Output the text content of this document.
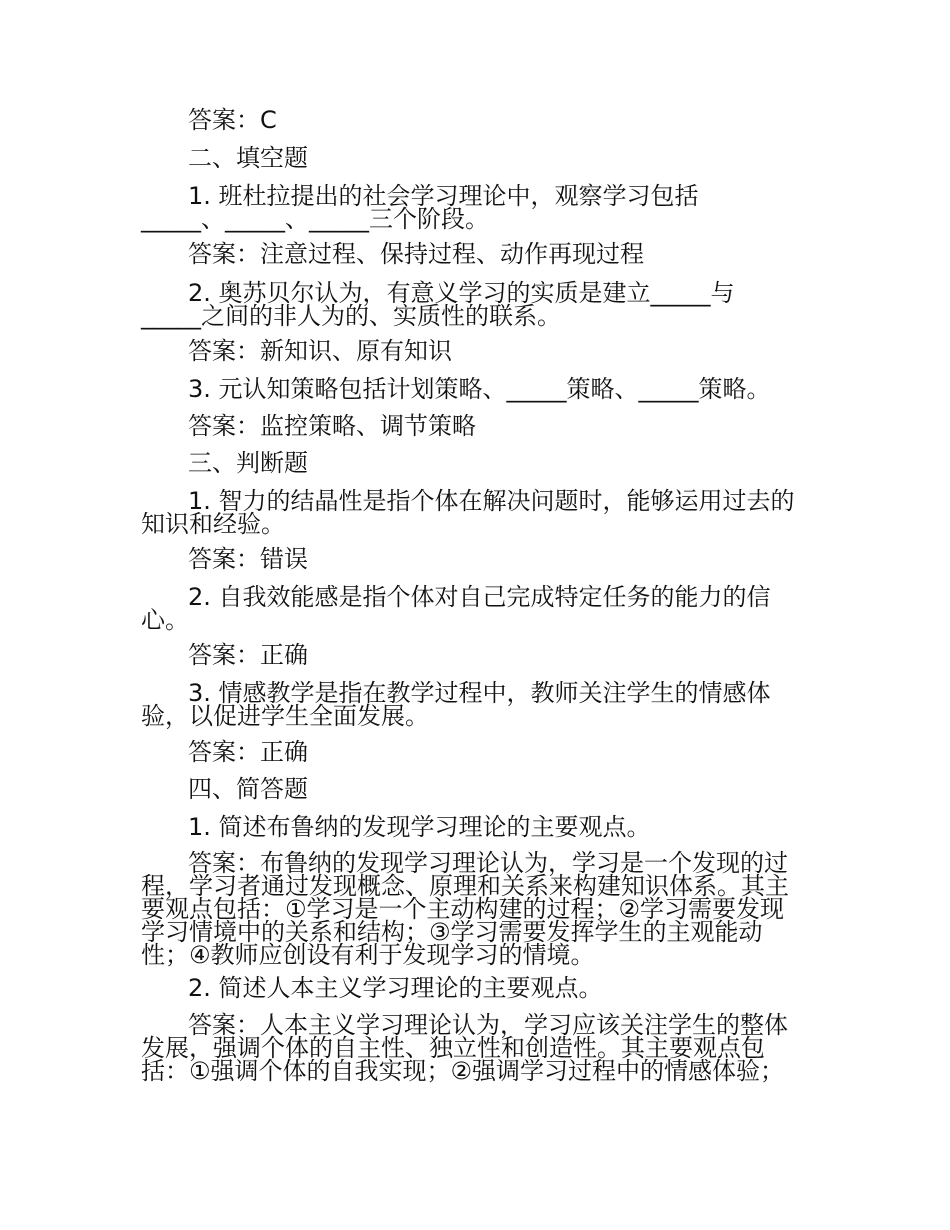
答案：C
二、填空题
1. 班杜拉提出的社会学习理论中，观察学习包括
_____、_____、_____三个阶段。
答案：注意过程、保持过程、动作再现过程
2. 奥苏贝尔认为，有意义学习的实质是建立_____与
_____之间的非人为的、实质性的联系。
答案：新知识、原有知识
3. 元认知策略包括计划策略、_____策略、_____策略。
答案：监控策略、调节策略
三、判断题
1. 智力的结晶性是指个体在解决问题时，能够运用过去的
知识和经验。
答案：错误
2. 自我效能感是指个体对自己完成特定任务的能力的信
心。
答案：正确
3. 情感教学是指在教学过程中，教师关注学生的情感体
验，以促进学生全面发展。
答案：正确
四、简答题
1. 简述布鲁纳的发现学习理论的主要观点。
答案：布鲁纳的发现学习理论认为，学习是一个发现的过
程，学习者通过发现概念、原理和关系来构建知识体系。其主
要观点包括：①学习是一个主动构建的过程；②学习需要发现
学习情境中的关系和结构；③学习需要发挥学生的主观能动
性；④教师应创设有利于发现学习的情境。
2. 简述人本主义学习理论的主要观点。
答案：人本主义学习理论认为，学习应该关注学生的整体
发展，强调个体的自主性、独立性和创造性。其主要观点包
括：①强调个体的自我实现；②强调学习过程中的情感体验；
